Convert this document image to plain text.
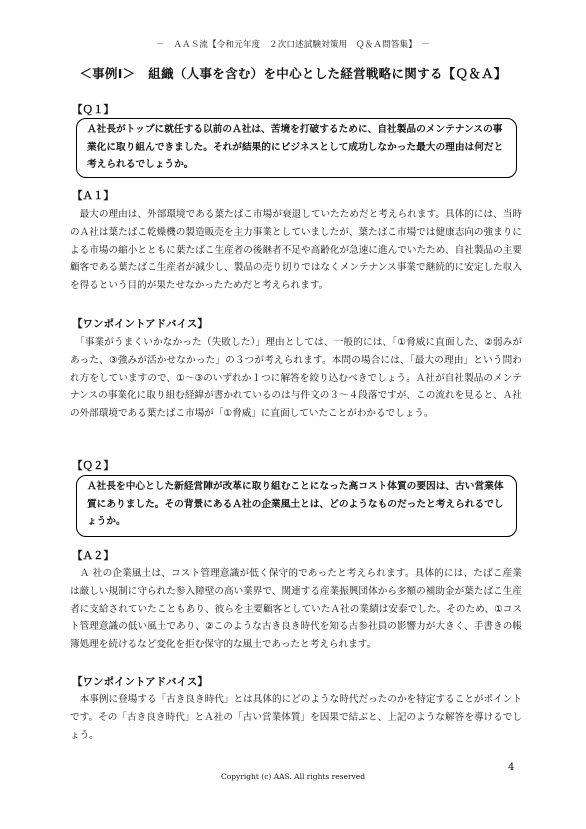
－　ＡＡＳ流【令和元年度　２次口述試験対策用　Ｑ＆Ａ問答集】　－
＜事例Ⅰ＞　組織（人事を含む）を中心とした経営戦略に関する【Ｑ＆Ａ】
【Ｑ１】
Ａ社長がトップに就任する以前のＡ社は、苦境を打破するために、自社製品のメンテナンスの事業化に取り組んできました。それが結果的にビジネスとして成功しなかった最大の理由は何だと考えられるでしょうか。
【Ａ１】
　最大の理由は、外部環境である葉たばこ市場が衰退していたためだと考えられます。具体的には、当時のＡ社は葉たばこ乾燥機の製造販売を主力事業としていましたが、葉たばこ市場では健康志向の強まりによる市場の縮小とともに葉たばこ生産者の後継者不足や高齢化が急速に進んでいたため、自社製品の主要顧客である葉たばこ生産者が減少し、製品の売り切りではなくメンテナンス事業で継続的に安定した収入を得るという目的が果たせなかったためだと考えられます。
【ワンポイントアドバイス】
　「事業がうまくいかなかった（失敗した）」理由としては、一般的には、「①脅威に直面した、②弱みがあった、③強みが活かせなかった」の３つが考えられます。本問の場合には、「最大の理由」という問われ方をしていますので、①～③のいずれか１つに解答を絞り込むべきでしょう。Ａ社が自社製品のメンテナンスの事業化に取り組む経緯が書かれているのは与件文の３～４段落ですが、この流れを見ると、Ａ社の外部環境である葉たばこ市場が「①脅威」に直面していたことがわかるでしょう。
【Ｑ２】
Ａ社長を中心とした新経営陣が改革に取り組むことになった高コスト体質の要因は、古い営業体質にありました。その背景にあるＡ社の企業風土とは、どのようなものだったと考えられるでしょうか。
【Ａ２】
　Ａ 社の企業風土は、コスト管理意識が低く保守的であったと考えられます。具体的には、たばこ産業は厳しい規制に守られた参入障壁の高い業界で、関連する産業振興団体から多額の補助金が葉たばこ生産者に支給されていたこともあり、彼らを主要顧客としていたＡ社の業績は安泰でした。そのため、①コスト管理意識の低い風土であり、②このような古き良き時代を知る古参社員の影響力が大きく、手書きの帳簿処理を続けるなど変化を拒む保守的な風土であったと考えられます。
【ワンポイントアドバイス】
　本事例に登場する「古き良き時代」とは具体的にどのような時代だったのかを特定することがポイントです。その「古き良き時代」とＡ社の「古い営業体質」を因果で結ぶと、上記のような解答を導けるでしょう。
4
Copyright (c) AAS. All rights reserved
